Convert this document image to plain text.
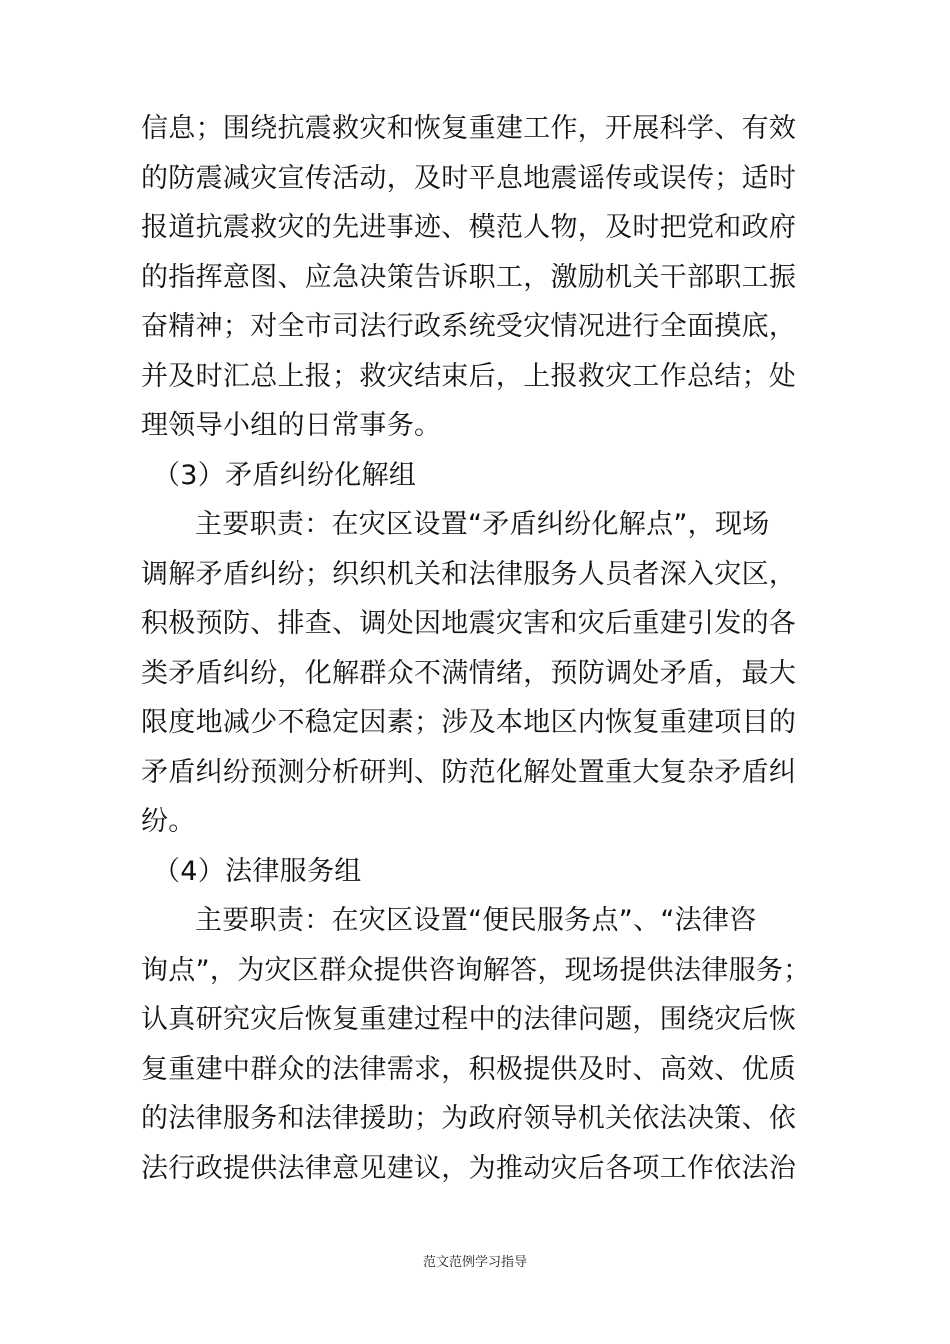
信息；围绕抗震救灾和恢复重建工作，开展科学、有效
的防震减灾宣传活动，及时平息地震谣传或误传；适时
报道抗震救灾的先进事迹、模范人物，及时把党和政府
的指挥意图、应急决策告诉职工，激励机关干部职工振
奋精神；对全市司法行政系统受灾情况进行全面摸底，
并及时汇总上报；救灾结束后，上报救灾工作总结；处
理领导小组的日常事务。
（3）矛盾纠纷化解组
主要职责：在灾区设置“矛盾纠纷化解点”，现场
调解矛盾纠纷；织织机关和法律服务人员者深入灾区，
积极预防、排查、调处因地震灾害和灾后重建引发的各
类矛盾纠纷，化解群众不满情绪，预防调处矛盾，最大
限度地减少不稳定因素；涉及本地区内恢复重建项目的
矛盾纠纷预测分析研判、防范化解处置重大复杂矛盾纠
纷。
（4）法律服务组
主要职责：在灾区设置“便民服务点”、“法律咨
询点”，为灾区群众提供咨询解答，现场提供法律服务；
认真研究灾后恢复重建过程中的法律问题，围绕灾后恢
复重建中群众的法律需求，积极提供及时、高效、优质
的法律服务和法律援助；为政府领导机关依法决策、依
法行政提供法律意见建议，为推动灾后各项工作依法治
范文范例学习指导
